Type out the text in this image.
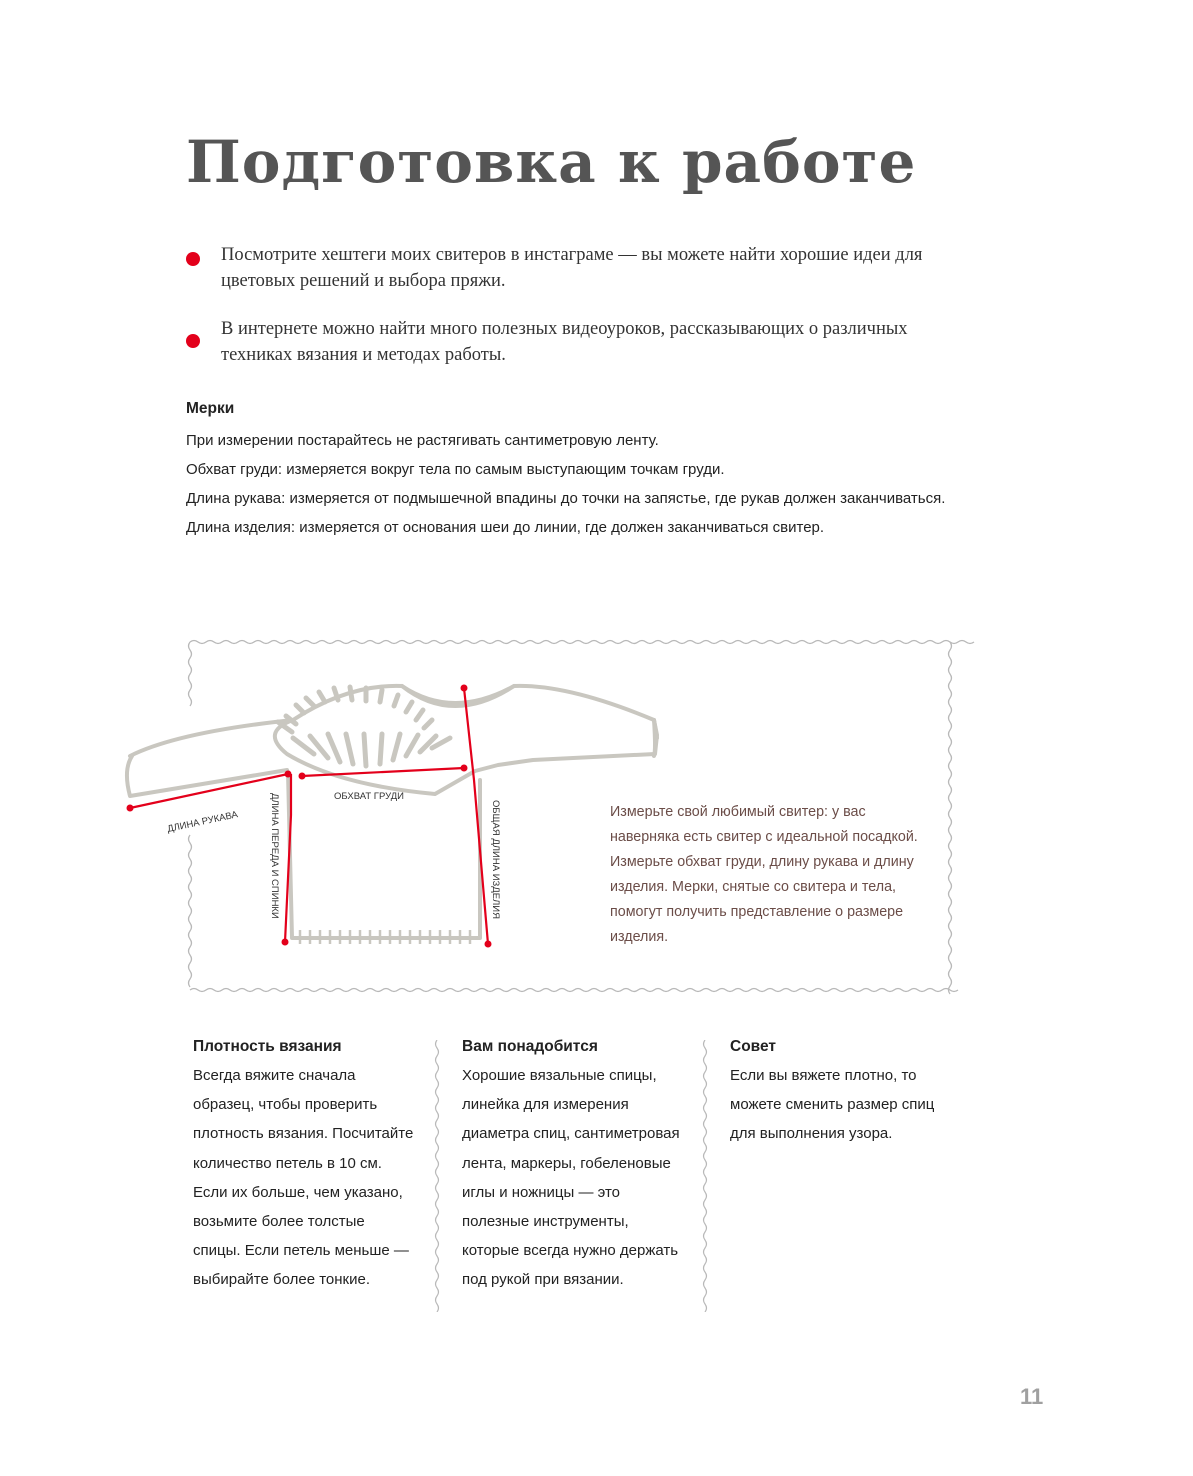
Подготовка к работе
Посмотрите хештеги моих свитеров в инстаграме — вы можете найти хорошие идеи для цветовых решений и выбора пряжи.
В интернете можно найти много полезных видеоуроков, рассказывающих о различных техниках вязания и методах работы.
Мерки
При измерении постарайтесь не растягивать сантиметровую ленту.
Обхват груди: измеряется вокруг тела по самым выступающим точкам груди.
Длина рукава: измеряется от подмышечной впадины до точки на запястье, где рукав должен заканчиваться.
Длина изделия: измеряется от основания шеи до линии, где должен заканчиваться свитер.
ДЛИНА РУКАВА
ОБХВАТ ГРУДИ
ДЛИНА ПЕРЕДА И СПИНКИ	ОБЩАЯ ДЛИНА ИЗДЕЛИЯ	Измерьте свой любимый свитер: у вас наверняка есть свитер с идеальной посадкой. Измерьте обхват груди, длину рукава и длину изделия. Мерки, снятые со свитера и тела, помогут получить представление о размере изделия.
Плотность вязания
Всегда вяжите сначала
образец, чтобы проверить
плотность вязания. Посчитайте
количество петель в 10 см.
Если их больше, чем указано,
возьмите более толстые
спицы. Если петель меньше —
выбирайте более тонкие.
Вам понадобится
Хорошие вязальные спицы,
линейка для измерения
диаметра спиц, сантиметровая
лента, маркеры, гобеленовые
иглы и ножницы — это
полезные инструменты,
которые всегда нужно держать
под рукой при вязании.
Совет
Если вы вяжете плотно, то
можете сменить размер спиц
для выполнения узора.
11
